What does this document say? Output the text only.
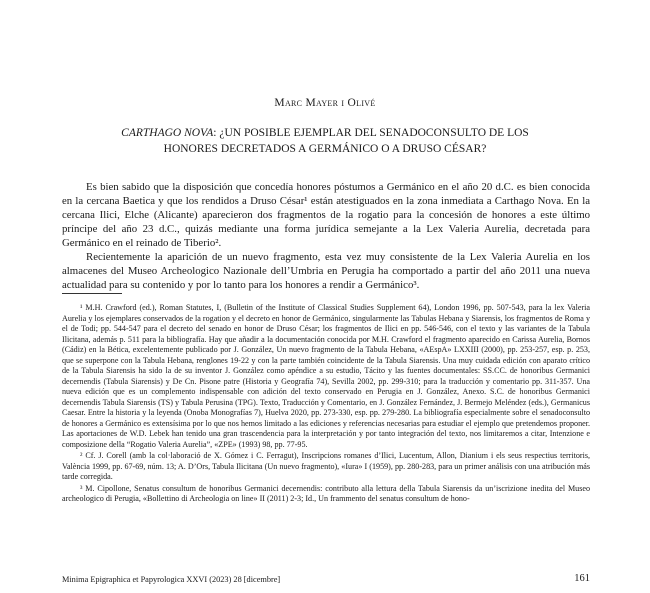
Marc Mayer i Olivé
CARTHAGO NOVA: ¿UN POSIBLE EJEMPLAR DEL SENADOCONSULTO DE LOS
HONORES DECRETADOS A GERMÁNICO O A DRUSO CÉSAR?

Es bien sabido que la disposición que concedía honores póstumos a Germánico en el año 20 d.C. es bien conocida en la cercana Baetica y que los rendidos a Druso César¹ están atestiguados en la zona inmediata a Carthago Nova. En la cercana Ilici, Elche (Alicante) aparecieron dos fragmentos de la rogatio para la concesión de honores a este último príncipe del año 23 d.C., quizás mediante una forma jurídica semejante a la Lex Valeria Aurelia, decretada para Germánico en el reinado de Tiberio².

Recientemente la aparición de un nuevo fragmento, esta vez muy consistente de la Lex Valeria Aurelia en los almacenes del Museo Archeologico Nazionale dell’Umbria en Perugia ha comportado a partir del año 2011 una nueva actualidad para su contenido y por lo tanto para los honores a rendir a Germánico³.

¹ M.H. Crawford (ed.), Roman Statutes, I, (Bulletin of the Institute of Classical Studies Supplement 64), London 1996, pp. 507-543, para la lex Valeria Aurelia y los ejemplares conservados de la rogation y el decreto en honor de Germánico, singularmente las Tabulas Hebana y Siarensis, los fragmentos de Roma y el de Todi; pp. 544-547 para el decreto del senado en honor de Druso César; los fragmentos de Ilici en pp. 546-546, con el texto y las variantes de la Tabula Ilicitana, además p. 511 para la bibliografía. Hay que añadir a la documentación conocida por M.H. Crawford el fragmento aparecido en Carissa Aurelia, Bornos (Cádiz) en la Bética, excelentemente publicado por J. González, Un nuevo fragmento de la Tabula Hebana, «AEspA» LXXIII (2000), pp. 253-257, esp. p. 253, que se superpone con la Tabula Hebana, renglones 19-22 y con la parte también coincidente de la Tabula Siarensis. Una muy cuidada edición con aparato crítico de la Tabula Siarensis ha sido la de su inventor J. González como apéndice a su estudio, Tácito y las fuentes documentales: SS.CC. de honoribus Germanici decernendis (Tabula Siarensis) y De Cn. Pisone patre (Historia y Geografía 74), Sevilla 2002, pp. 299-310; para la traducción y comentario pp. 311-357. Una nueva edición que es un complemento indispensable con adición del texto conservado en Perugia en J. González, Anexo. S.C. de honoribus Germanici decernendis Tabula Siarensis (TS) y Tabula Perusina (TPG). Texto, Traducción y Comentario, en J. González Fernández, J. Bermejo Meléndez (eds.), Germanicus Caesar. Entre la historia y la leyenda (Onoba Monografías 7), Huelva 2020, pp. 273-330, esp. pp. 279-280. La bibliografía especialmente sobre el senadoconsulto de honores a Germánico es extensísima por lo que nos hemos limitado a las ediciones y referencias necesarias para estudiar el ejemplo que pretendemos proponer. Las aportaciones de W.D. Lebek han tenido una gran trascendencia para la interpretación y por tanto integración del texto, nos limitaremos a citar, Intenzione e composizione della “Rogatio Valeria Aurelia”, «ZPE» (1993) 98, pp. 77-95.

² Cf. J. Corell (amb la col·laboració de X. Gómez i C. Ferragut), Inscripcions romanes d’Ilici, Lucentum, Allon, Dianium i els seus respectius territoris, València 1999, pp. 67-69, núm. 13; A. D’Ors, Tabula Ilicitana (Un nuevo fragmento), «Iura» I (1959), pp. 280-283, para un primer análisis con una atribución más tarde corregida.

³ M. Cipollone, Senatus consultum de honoribus Germanici decernendis: contributo alla lettura della Tabula Siarensis da un’iscrizione inedita del Museo archeologico di Perugia, «Bollettino di Archeologia on line» II (2011) 2-3; Id., Un frammento del senatus consultum de hono-

Minima Epigraphica et Papyrologica XXVI (2023) 28 [dicembre]	161
